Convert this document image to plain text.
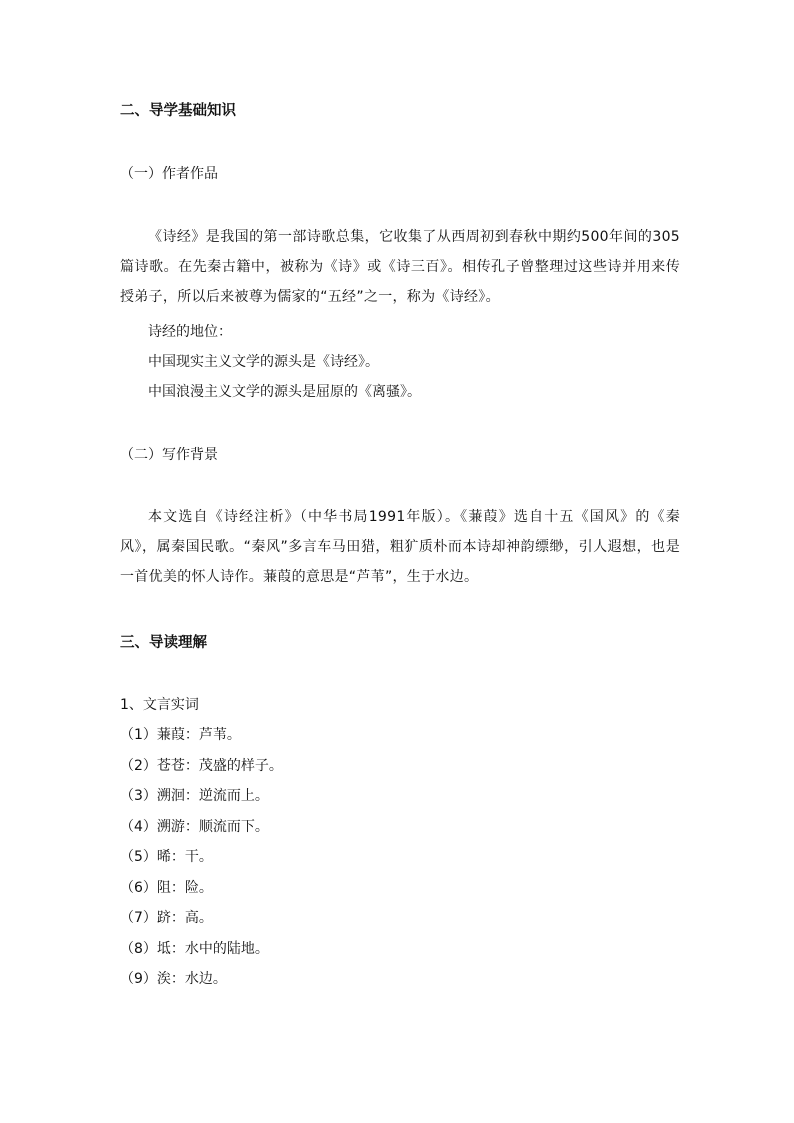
二、导学基础知识
（一）作者作品
《诗经》是我国的第一部诗歌总集，它收集了从西周初到春秋中期约500年间的305篇诗歌。在先秦古籍中，被称为《诗》或《诗三百》。相传孔子曾整理过这些诗并用来传授弟子，所以后来被尊为儒家的“五经”之一，称为《诗经》。
诗经的地位：
中国现实主义文学的源头是《诗经》。
中国浪漫主义文学的源头是屈原的《离骚》。
（二）写作背景
本文选自《诗经注析》（中华书局1991年版）。《蒹葭》选自十五《国风》的《秦风》，属秦国民歌。“秦风”多言车马田猎，粗犷质朴而本诗却神韵缥缈，引人遐想，也是一首优美的怀人诗作。蒹葭的意思是“芦苇”，生于水边。
三、导读理解
1、文言实词
（1）蒹葭：芦苇。
（2）苍苍：茂盛的样子。
（3）溯洄：逆流而上。
（4）溯游：顺流而下。
（5）晞：干。
（6）阻：险。
（7）跻：高。
（8）坻：水中的陆地。
（9）涘：水边。
